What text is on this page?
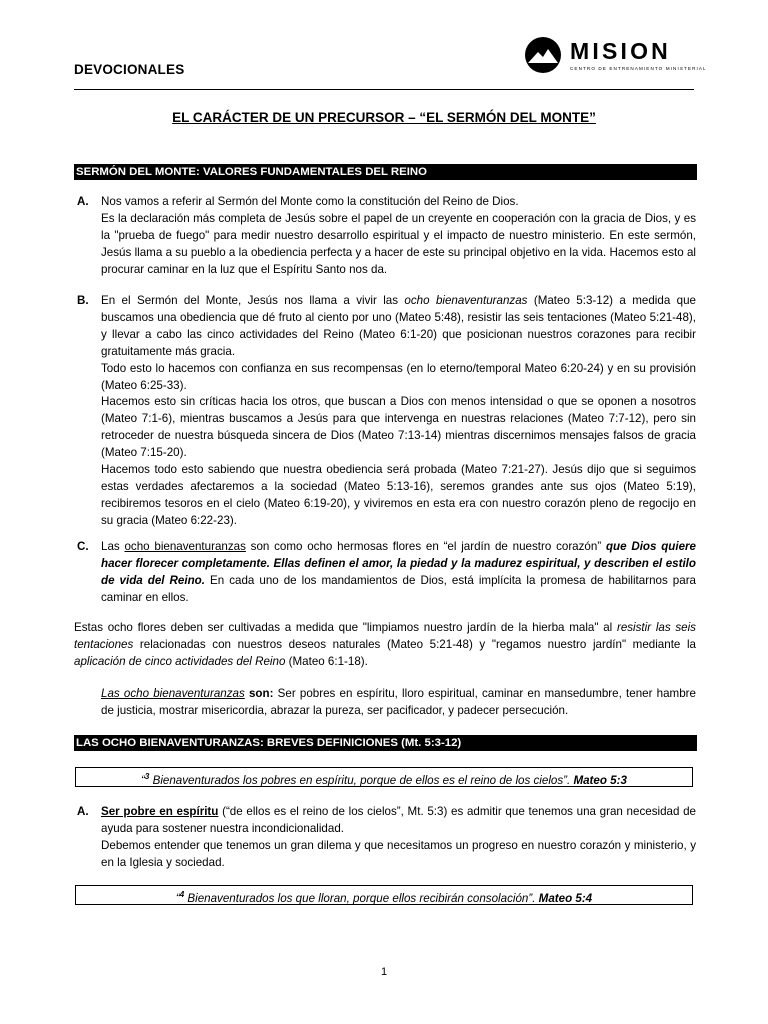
DEVOCIONALES
MISION
CENTRO DE ENTRENAMIENTO MINISTERIAL
EL CARÁCTER DE UN PRECURSOR – “EL SERMÓN DEL MONTE”
SERMÓN DEL MONTE: VALORES FUNDAMENTALES DEL REINO
A. Nos vamos a referir al Sermón del Monte como la constitución del Reino de Dios.

Es la declaración más completa de Jesús sobre el papel de un creyente en cooperación con la gracia de Dios, y es la "prueba de fuego" para medir nuestro desarrollo espiritual y el impacto de nuestro ministerio. En este sermón, Jesús llama a su pueblo a la obediencia perfecta y a hacer de este su principal objetivo en la vida. Hacemos esto al procurar caminar en la luz que el Espíritu Santo nos da.

B. En el Sermón del Monte, Jesús nos llama a vivir las ocho bienaventuranzas (Mateo 5:3-12) a medida que buscamos una obediencia que dé fruto al ciento por uno (Mateo 5:48), resistir las seis tentaciones (Mateo 5:21-48), y llevar a cabo las cinco actividades del Reino (Mateo 6:1-20) que posicionan nuestros corazones para recibir gratuitamente más gracia.

Todo esto lo hacemos con confianza en sus recompensas (en lo eterno/temporal Mateo 6:20-24) y en su provisión (Mateo 6:25-33).

Hacemos esto sin críticas hacia los otros, que buscan a Dios con menos intensidad o que se oponen a nosotros (Mateo 7:1-6), mientras buscamos a Jesús para que intervenga en nuestras relaciones (Mateo 7:7-12), pero sin retroceder de nuestra búsqueda sincera de Dios (Mateo 7:13-14) mientras discernimos mensajes falsos de gracia (Mateo 7:15-20).

Hacemos todo esto sabiendo que nuestra obediencia será probada (Mateo 7:21-27). Jesús dijo que si seguimos estas verdades afectaremos a la sociedad (Mateo 5:13-16), seremos grandes ante sus ojos (Mateo 5:19), recibiremos tesoros en el cielo (Mateo 6:19-20), y viviremos en esta era con nuestro corazón pleno de regocijo en su gracia (Mateo 6:22-23).

C. Las ocho bienaventuranzas son como ocho hermosas flores en “el jardín de nuestro corazón” que Dios quiere hacer florecer completamente. Ellas definen el amor, la piedad y la madurez espiritual, y describen el estilo de vida del Reino. En cada uno de los mandamientos de Dios, está implícita la promesa de habilitarnos para caminar en ellos.

Estas ocho flores deben ser cultivadas a medida que "limpiamos nuestro jardín de la hierba mala" al resistir las seis tentaciones relacionadas con nuestros deseos naturales (Mateo 5:21-48) y "regamos nuestro jardín" mediante la aplicación de cinco actividades del Reino (Mateo 6:1-18).
Las ocho bienaventuranzas son: Ser pobres en espíritu, lloro espiritual, caminar en mansedumbre, tener hambre de justicia, mostrar misericordia, abrazar la pureza, ser pacificador, y padecer persecución.
LAS OCHO BIENAVENTURANZAS: BREVES DEFINICIONES (Mt. 5:3-12)
“$^3$ Bienaventurados los pobres en espíritu, porque de ellos es el reino de los cielos”. Mateo 5:3
A. Ser pobre en espíritu (“de ellos es el reino de los cielos”, Mt. 5:3) es admitir que tenemos una gran necesidad de ayuda para sostener nuestra incondicionalidad.

Debemos entender que tenemos un gran dilema y que necesitamos un progreso en nuestro corazón y ministerio, y en la Iglesia y sociedad.

“$^4$ Bienaventurados los que lloran, porque ellos recibirán consolación”. Mateo 5:4
1
